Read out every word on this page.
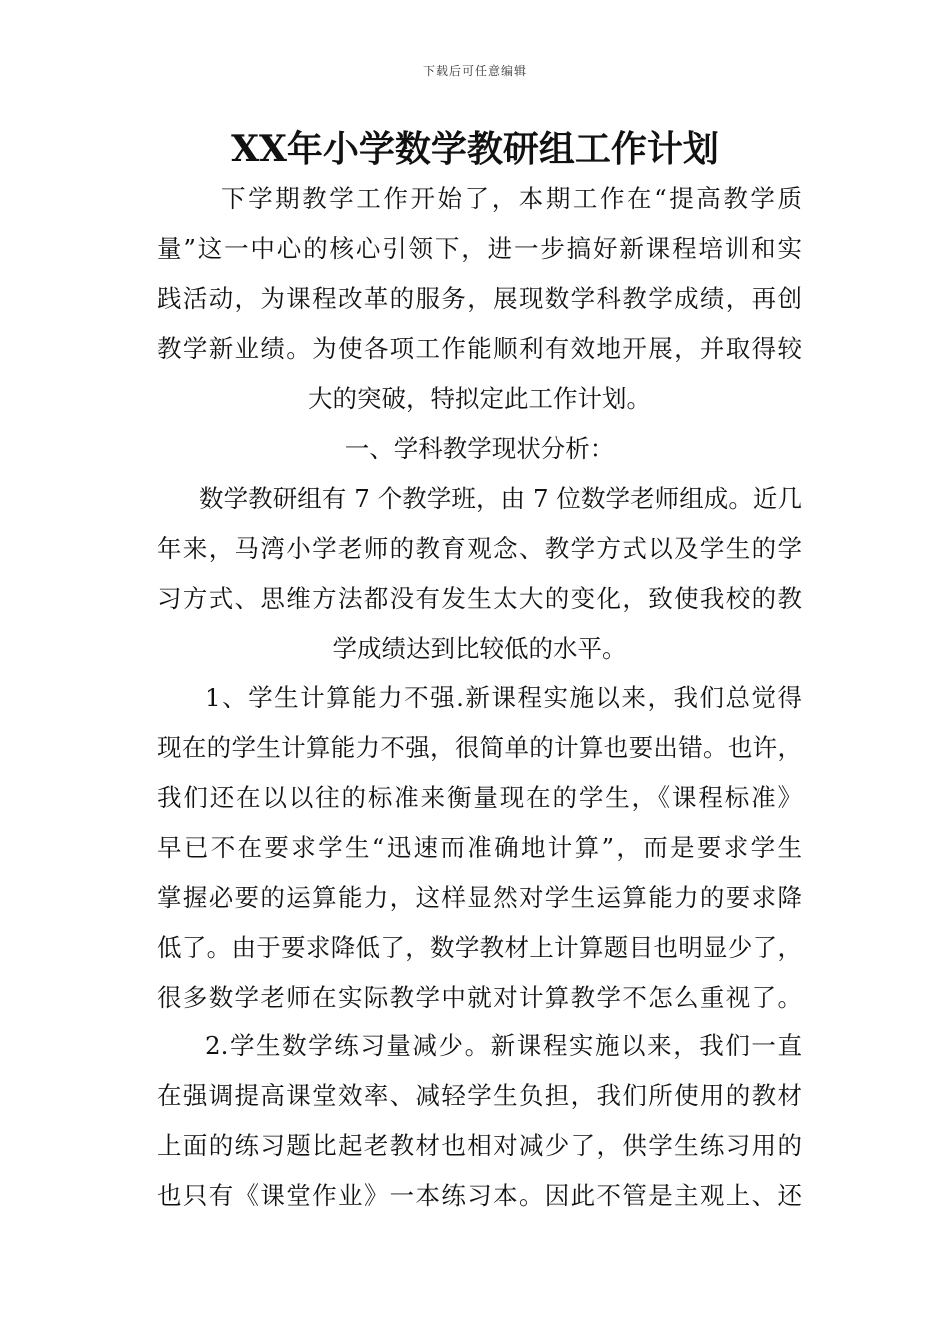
下载后可任意编辑
XX年小学数学教研组工作计划
下学期教学工作开始了，本期工作在“提高教学质
量”这一中心的核心引领下，进一步搞好新课程培训和实
践活动，为课程改革的服务，展现数学科教学成绩，再创
教学新业绩。为使各项工作能顺利有效地开展，并取得较
大的突破，特拟定此工作计划。
一、学科教学现状分析：
数学教研组有 7 个教学班，由 7 位数学老师组成。近几
年来，马湾小学老师的教育观念、教学方式以及学生的学
习方式、思维方法都没有发生太大的变化，致使我校的教
学成绩达到比较低的水平。
1、学生计算能力不强.新课程实施以来，我们总觉得
现在的学生计算能力不强，很简单的计算也要出错。也许，
我们还在以以往的标准来衡量现在的学生，《课程标准》
早已不在要求学生“迅速而准确地计算”，而是要求学生
掌握必要的运算能力，这样显然对学生运算能力的要求降
低了。由于要求降低了，数学教材上计算题目也明显少了，
很多数学老师在实际教学中就对计算教学不怎么重视了。
2.学生数学练习量减少。新课程实施以来，我们一直
在强调提高课堂效率、减轻学生负担，我们所使用的教材
上面的练习题比起老教材也相对减少了，供学生练习用的
也只有《课堂作业》一本练习本。因此不管是主观上、还
